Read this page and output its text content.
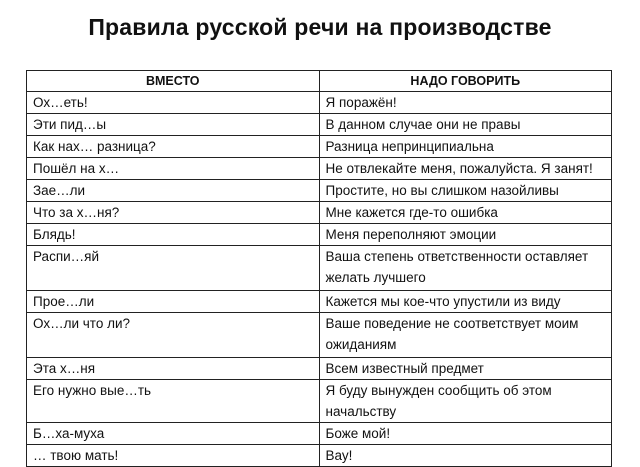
Правила русской речи на производстве
ВМЕСТО	НАДО ГОВОРИТЬ
Ох…еть!	Я поражён!
Эти пид…ы	В данном случае они не правы
Как нах… разница?	Разница непринципиальна
Пошёл на х…	Не отвлекайте меня, пожалуйста. Я занят!
Зае…ли	Простите, но вы слишком назойливы
Что за х…ня?	Мне кажется где-то ошибка
Блядь!	Меня переполняют эмоции
Распи…яй	Ваша степень ответственности оставляет желать лучшего
Прое…ли	Кажется мы кое-что упустили из виду
Ох…ли что ли?	Ваше поведение не соответствует моим ожиданиям
Эта х…ня	Всем известный предмет
Его нужно вые…ть	Я буду вынужден сообщить об этом начальству
Б…ха-муха	Боже мой!
… твою мать!	Вау!
